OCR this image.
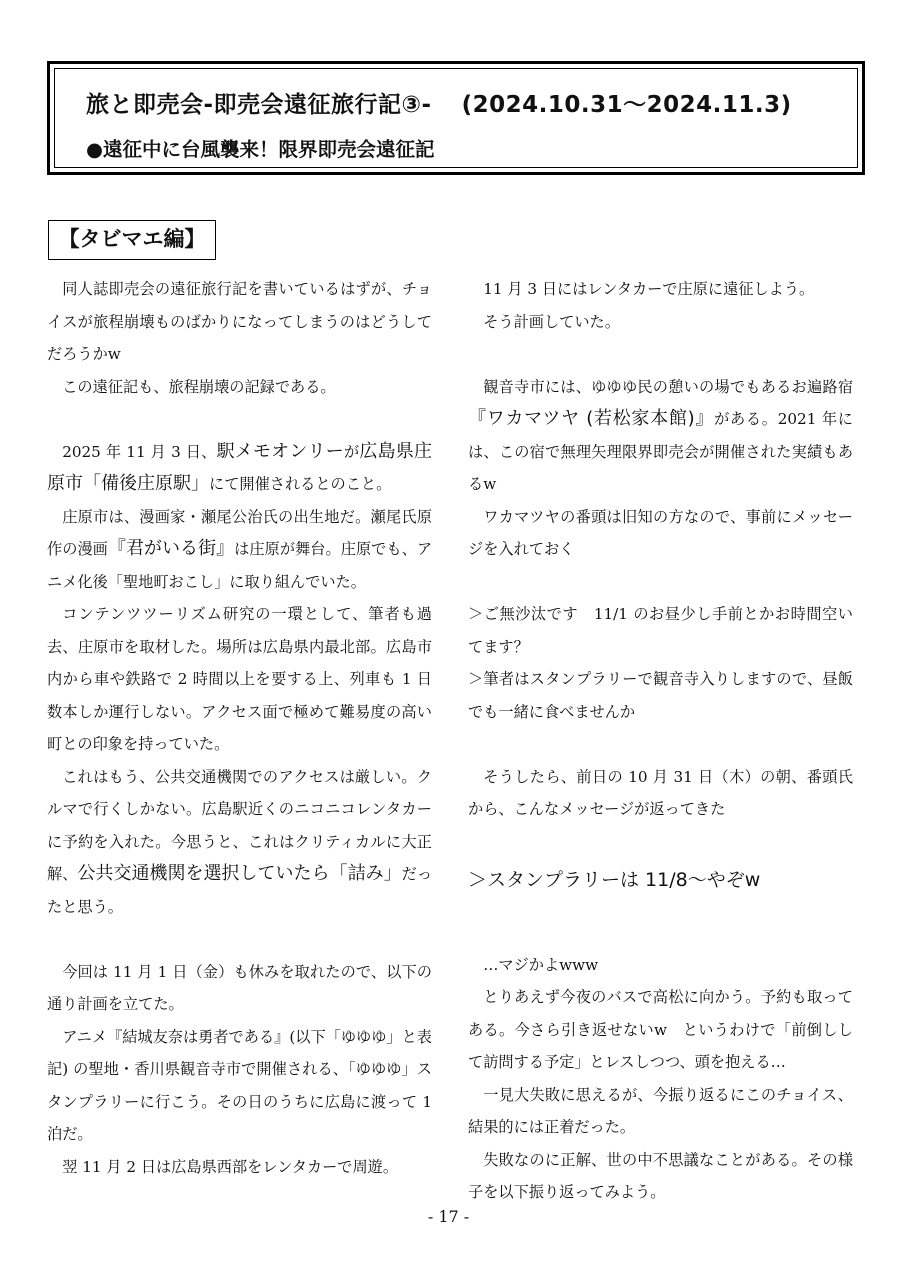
旅と即売会-即売会遠征旅行記③- (2024.10.31〜2024.11.3)
●遠征中に台風襲来！限界即売会遠征記
【タビマエ編】

同人誌即売会の遠征旅行記を書いているはずが、チョイスが旅程崩壊ものばかりになってしまうのはどうしてだろうかw

この遠征記も、旅程崩壊の記録である。

2025 年 11 月 3 日、駅メモオンリーが広島県庄原市「備後庄原駅」にて開催されるとのこと。

庄原市は、漫画家・瀬尾公治氏の出生地だ。瀬尾氏原作の漫画『君がいる街』は庄原が舞台。庄原でも、アニメ化後「聖地町おこし」に取り組んでいた。

コンテンツツーリズム研究の一環として、筆者も過去、庄原市を取材した。場所は広島県内最北部。広島市内から車や鉄路で 2 時間以上を要する上、列車も 1 日数本しか運行しない。アクセス面で極めて難易度の高い町との印象を持っていた。

これはもう、公共交通機関でのアクセスは厳しい。クルマで行くしかない。広島駅近くのニコニコレンタカーに予約を入れた。今思うと、これはクリティカルに大正解、公共交通機関を選択していたら「詰み」だったと思う。

今回は 11 月 1 日（金）も休みを取れたので、以下の通り計画を立てた。

アニメ『結城友奈は勇者である』(以下「ゆゆゆ」と表記) の聖地・香川県観音寺市で開催される、「ゆゆゆ」スタンプラリーに行こう。その日のうちに広島に渡って 1 泊だ。

翌 11 月 2 日は広島県西部をレンタカーで周遊。

11 月 3 日にはレンタカーで庄原に遠征しよう。

そう計画していた。

観音寺市には、ゆゆゆ民の憩いの場でもあるお遍路宿『ワカマツヤ (若松家本館)』がある。2021 年には、この宿で無理矢理限界即売会が開催された実績もあるw

ワカマツヤの番頭は旧知の方なので、事前にメッセージを入れておく

＞ご無沙汰です　11/1 のお昼少し手前とかお時間空いてます？

＞筆者はスタンプラリーで観音寺入りしますので、昼飯でも一緒に食べませんか

そうしたら、前日の 10 月 31 日（木）の朝、番頭氏から、こんなメッセージが返ってきた

＞スタンプラリーは 11/8〜やぞw

…マジかよwww

とりあえず今夜のバスで高松に向かう。予約も取ってある。今さら引き返せないw　というわけで「前倒しして訪問する予定」とレスしつつ、頭を抱える…

一見大失敗に思えるが、今振り返るにこのチョイス、結果的には正着だった。

失敗なのに正解、世の中不思議なことがある。その様子を以下振り返ってみよう。

- 17 -
